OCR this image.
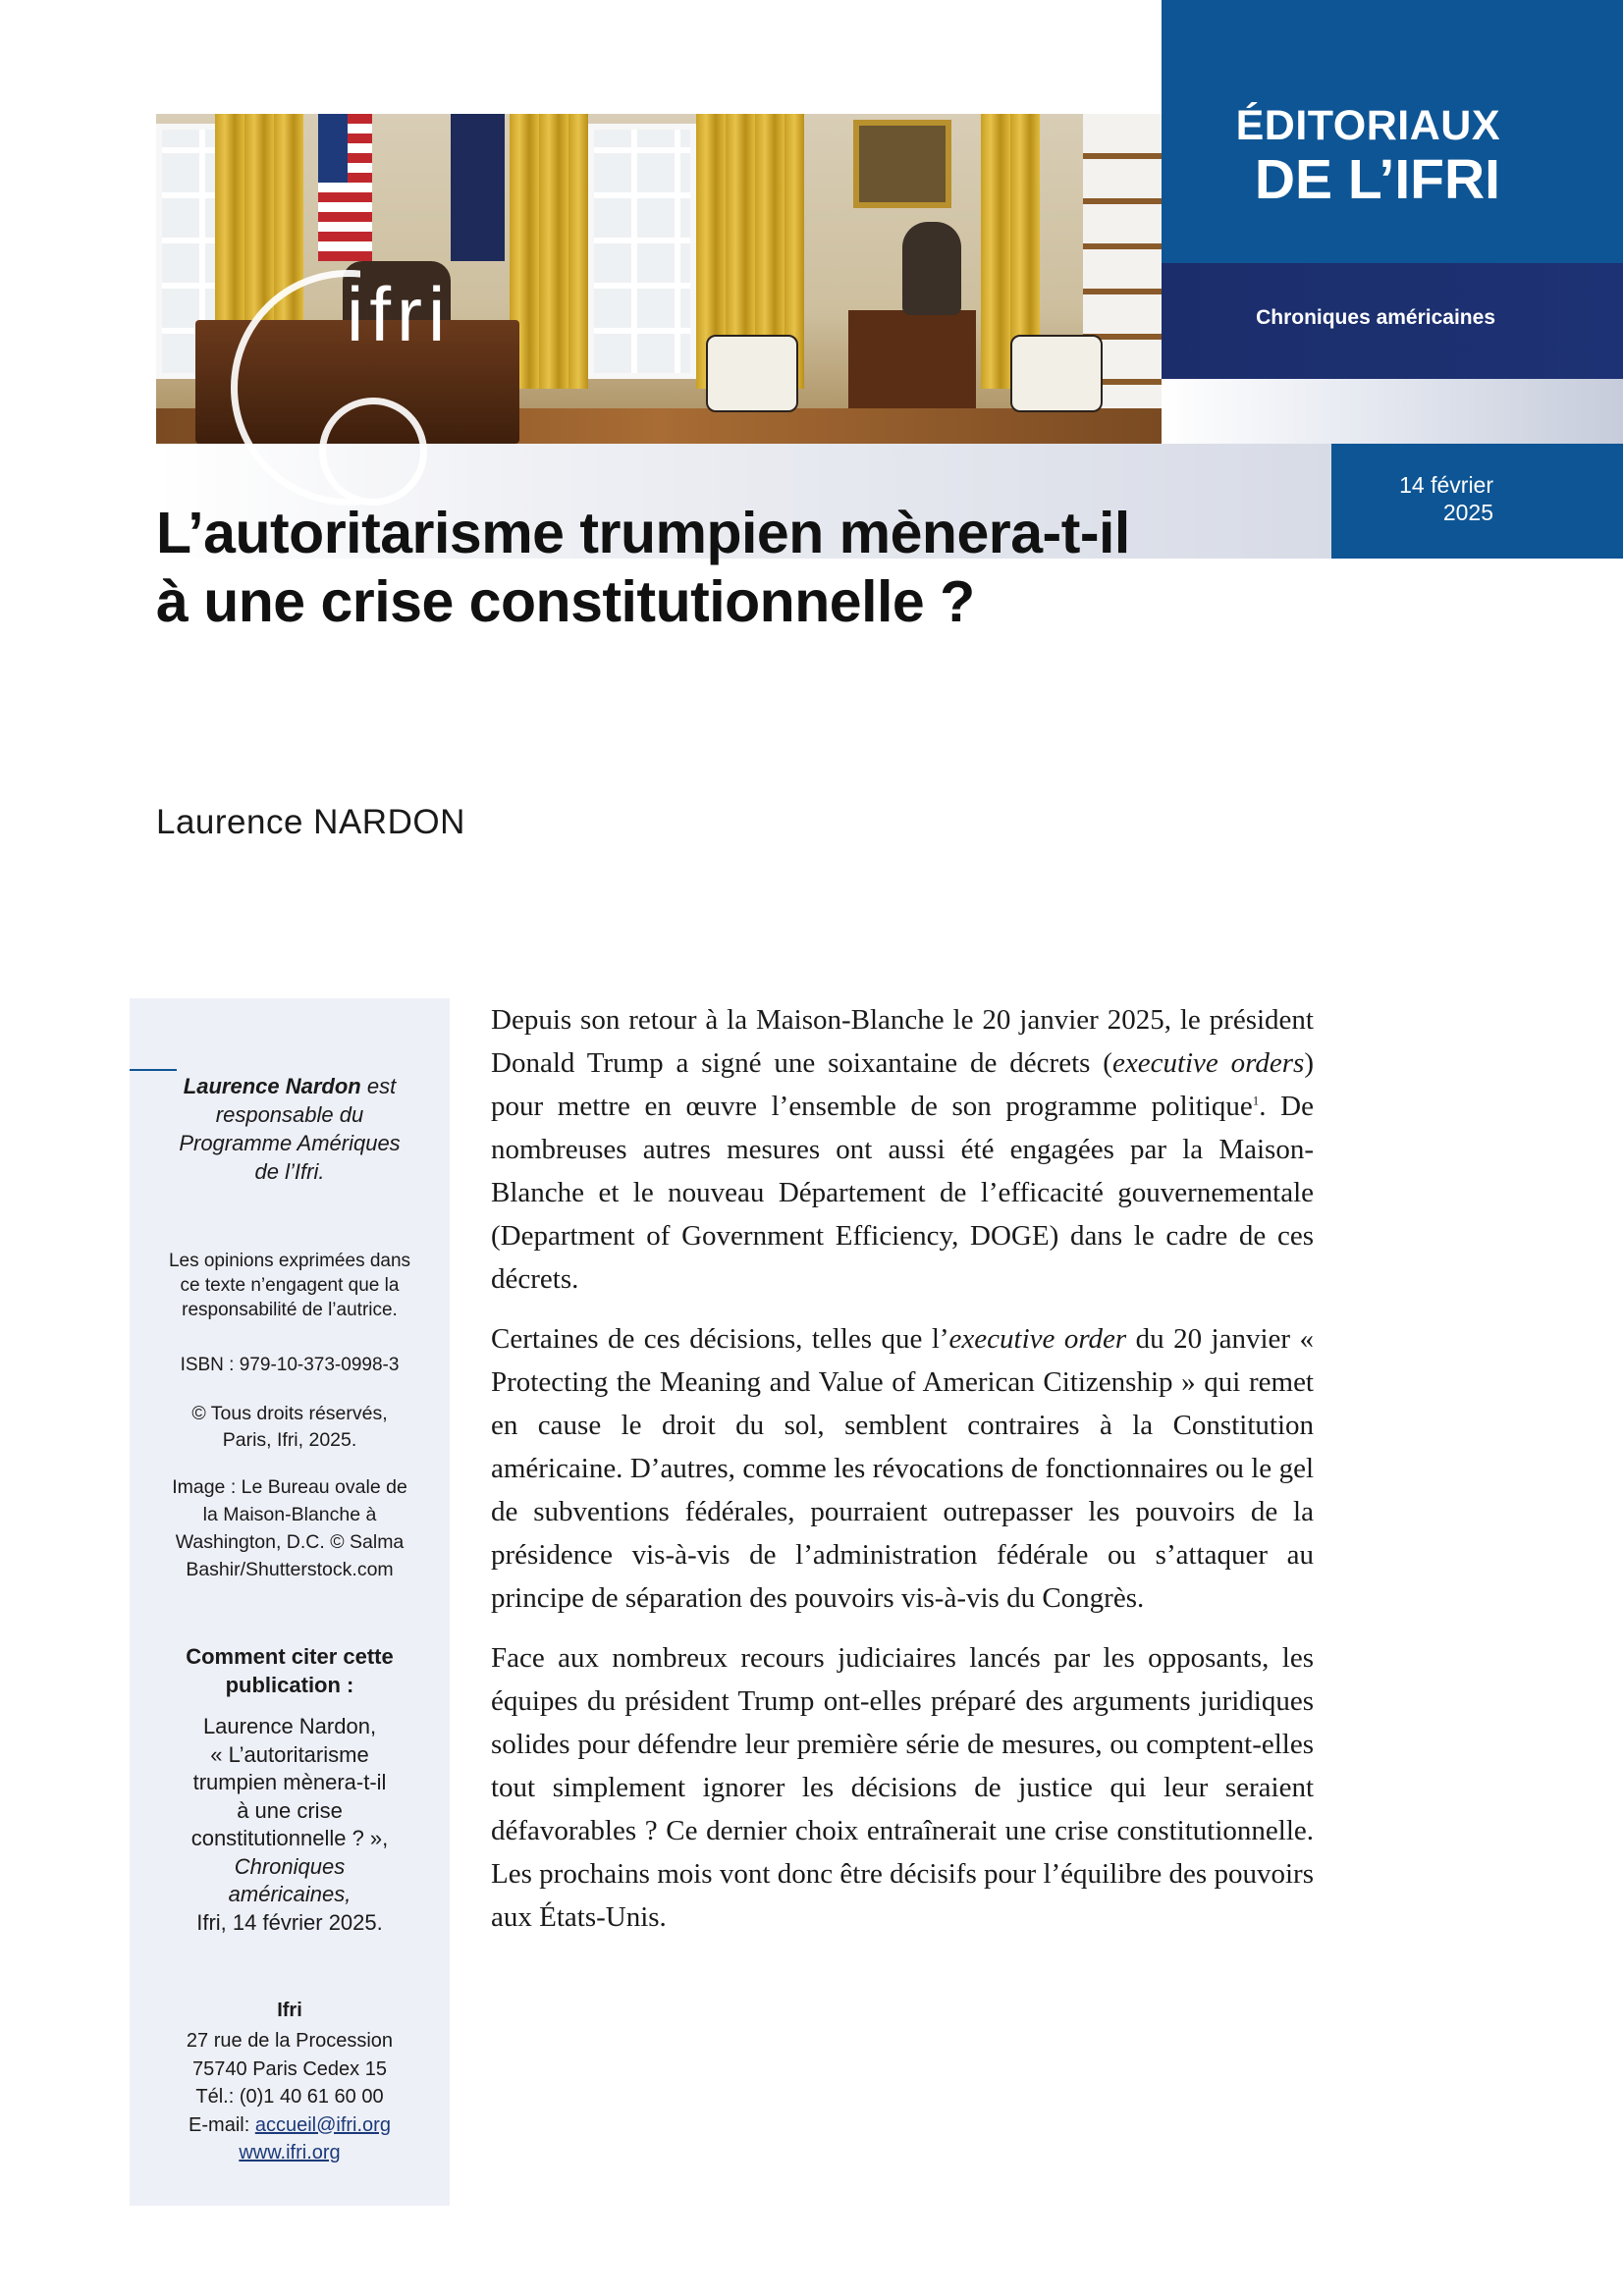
ÉDITORIAUX
DE L’IFRI
Chroniques américaines
14 février
2025
ifri
L’autoritarisme trumpien mènera-t-il
à une crise constitutionnelle ?
Laurence NARDON
Laurence Nardon est
responsable du
Programme Amériques
de l’Ifri.
Les opinions exprimées dans
ce texte n’engagent que la
responsabilité de l’autrice.
ISBN : 979-10-373-0998-3
© Tous droits réservés,
Paris, Ifri, 2025.
Image : Le Bureau ovale de
la Maison-Blanche à
Washington, D.C. © Salma
Bashir/Shutterstock.com
Comment citer cette
publication :
Laurence Nardon,
« L’autoritarisme
trumpien mènera-t-il
à une crise
constitutionnelle ? »,
Chroniques
américaines,
Ifri, 14 février 2025.
Ifri
27 rue de la Procession
75740 Paris Cedex 15
Tél.: (0)1 40 61 60 00
E-mail: accueil@ifri.org
www.ifri.org

Depuis son retour à la Maison-Blanche le 20 janvier 2025, le président Donald Trump a signé une soixantaine de décrets (executive orders) pour mettre en œuvre l’ensemble de son programme politique$^1$. De nombreuses autres mesures ont aussi été engagées par la Maison-Blanche et le nouveau Département de l’efficacité gouvernementale (Department of Government Efficiency, DOGE) dans le cadre de ces décrets.

Certaines de ces décisions, telles que l’executive order du 20 janvier « Protecting the Meaning and Value of American Citizenship » qui remet en cause le droit du sol, semblent contraires à la Constitution américaine. D’autres, comme les révocations de fonctionnaires ou le gel de subventions fédérales, pourraient outrepasser les pouvoirs de la présidence vis-à-vis de l’administration fédérale ou s’attaquer au principe de séparation des pouvoirs vis-à-vis du Congrès.

Face aux nombreux recours judiciaires lancés par les opposants, les équipes du président Trump ont-elles préparé des arguments juridiques solides pour défendre leur première série de mesures, ou comptent-elles tout simplement ignorer les décisions de justice qui leur seraient défavorables ? Ce dernier choix entraînerait une crise constitutionnelle. Les prochains mois vont donc être décisifs pour l’équilibre des pouvoirs aux États-Unis.
